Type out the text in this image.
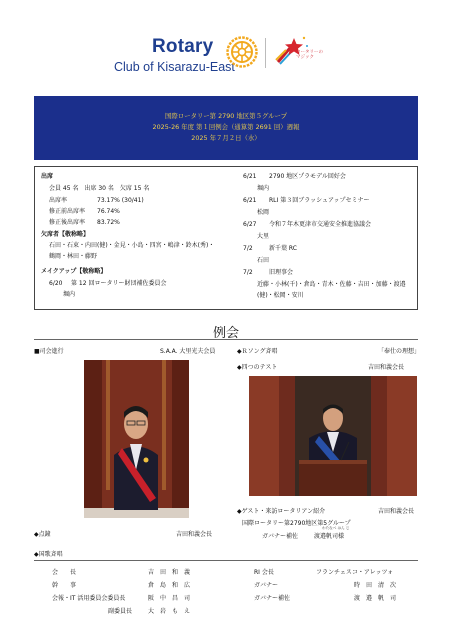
Rotary
Club of Kisarazu-East
ロータリーの
マジック
国際ロータリー第 2790 地区第５グループ
2025-26 年度 第１回例会（通算第 2691 回）週報
2025 年７月２日（水）
出席
会員 45 名　出席 30 名　欠席 15 名
出席率	73.17% (30/41)
修正前出席率 76.74%
修正後出席率 83.72%
欠席者【敬称略】
石田・石束・内田(健)・金見・小島・四宮・嶋津・鈴木(秀)・
鶴岡・林田・藤野
メイクアップ【敬称略】
6/20 第 12 回ロータリー財団補佐委員会
堀内
6/21 2790 地区プラモデル回好会
堀内
6/21 RLI 第３回ブラッシュアップセミナー
松岡
6/27 令和７年木更津市交通安全推進協議会
大里
7/2	新千葉 RC
石田
7/2	旧理事会
近藤・小林(千)・倉島・青木・佐藤・吉田・加藤・渡邉
(健)・松岡・安川
例会
■司会進行	S.A.A. 大里光夫会員
◆点鐘	吉田和義会長
◆国歌斉唱
◆Ｒソング斉唱	「奉仕の理想」
◆四つのテスト	吉田和義会長
◆ゲスト・来訪ロータリアン紹介	吉田和義会長
国際ロータリー第2790地区第5グループ
わたなべ はん じ
ガバナー補佐	渡邉帆司様
会　　長	吉　田　和　義	RI 会長	フランチェスコ・アレッツォ
幹　　事	倉　島　和　広	ガバナー	時　田　清　次
会報・IT 活用委員会委員長	阪　中　昌　司	ガバナー補佐	渡　邉　帆　司
副委員長	大　岩　も　え
